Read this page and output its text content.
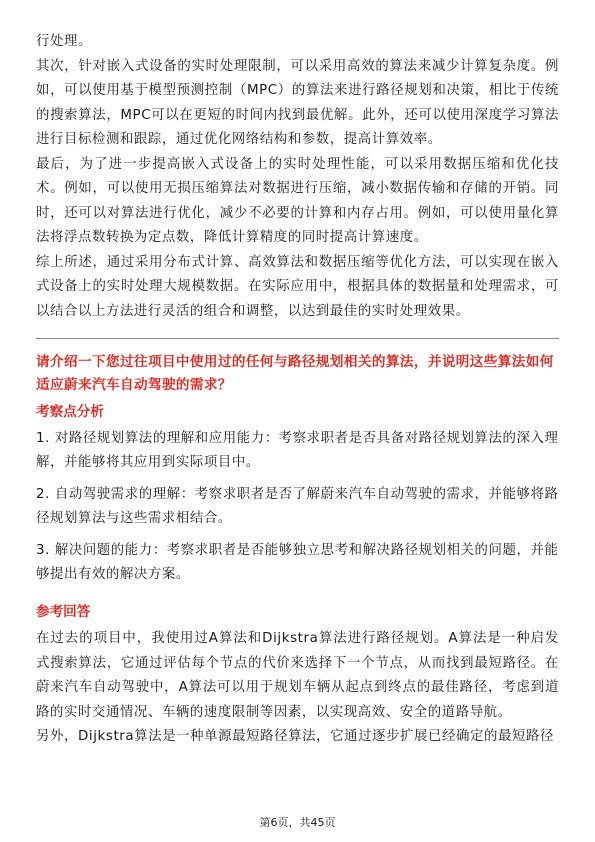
行处理。

其次，针对嵌入式设备的实时处理限制，可以采用高效的算法来减少计算复杂度。例如，可以使用基于模型预测控制（MPC）的算法来进行路径规划和决策，相比于传统的搜索算法，MPC可以在更短的时间内找到最优解。此外，还可以使用深度学习算法进行目标检测和跟踪，通过优化网络结构和参数，提高计算效率。

最后，为了进一步提高嵌入式设备上的实时处理性能，可以采用数据压缩和优化技术。例如，可以使用无损压缩算法对数据进行压缩，减小数据传输和存储的开销。同时，还可以对算法进行优化，减少不必要的计算和内存占用。例如，可以使用量化算法将浮点数转换为定点数，降低计算精度的同时提高计算速度。

综上所述，通过采用分布式计算、高效算法和数据压缩等优化方法，可以实现在嵌入式设备上的实时处理大规模数据。在实际应用中，根据具体的数据量和处理需求，可以结合以上方法进行灵活的组合和调整，以达到最佳的实时处理效果。

请介绍一下您过往项目中使用过的任何与路径规划相关的算法，并说明这些算法如何适应蔚来汽车自动驾驶的需求？

考察点分析

1. 对路径规划算法的理解和应用能力：考察求职者是否具备对路径规划算法的深入理解，并能够将其应用到实际项目中。

2. 自动驾驶需求的理解：考察求职者是否了解蔚来汽车自动驾驶的需求，并能够将路径规划算法与这些需求相结合。

3. 解决问题的能力：考察求职者是否能够独立思考和解决路径规划相关的问题，并能够提出有效的解决方案。

参考回答

在过去的项目中，我使用过A算法和Dijkstra算法进行路径规划。A算法是一种启发式搜索算法，它通过评估每个节点的代价来选择下一个节点，从而找到最短路径。在蔚来汽车自动驾驶中，A算法可以用于规划车辆从起点到终点的最佳路径，考虑到道路的实时交通情况、车辆的速度限制等因素，以实现高效、安全的道路导航。

另外，Dijkstra算法是一种单源最短路径算法，它通过逐步扩展已经确定的最短路径

第6页，共45页
